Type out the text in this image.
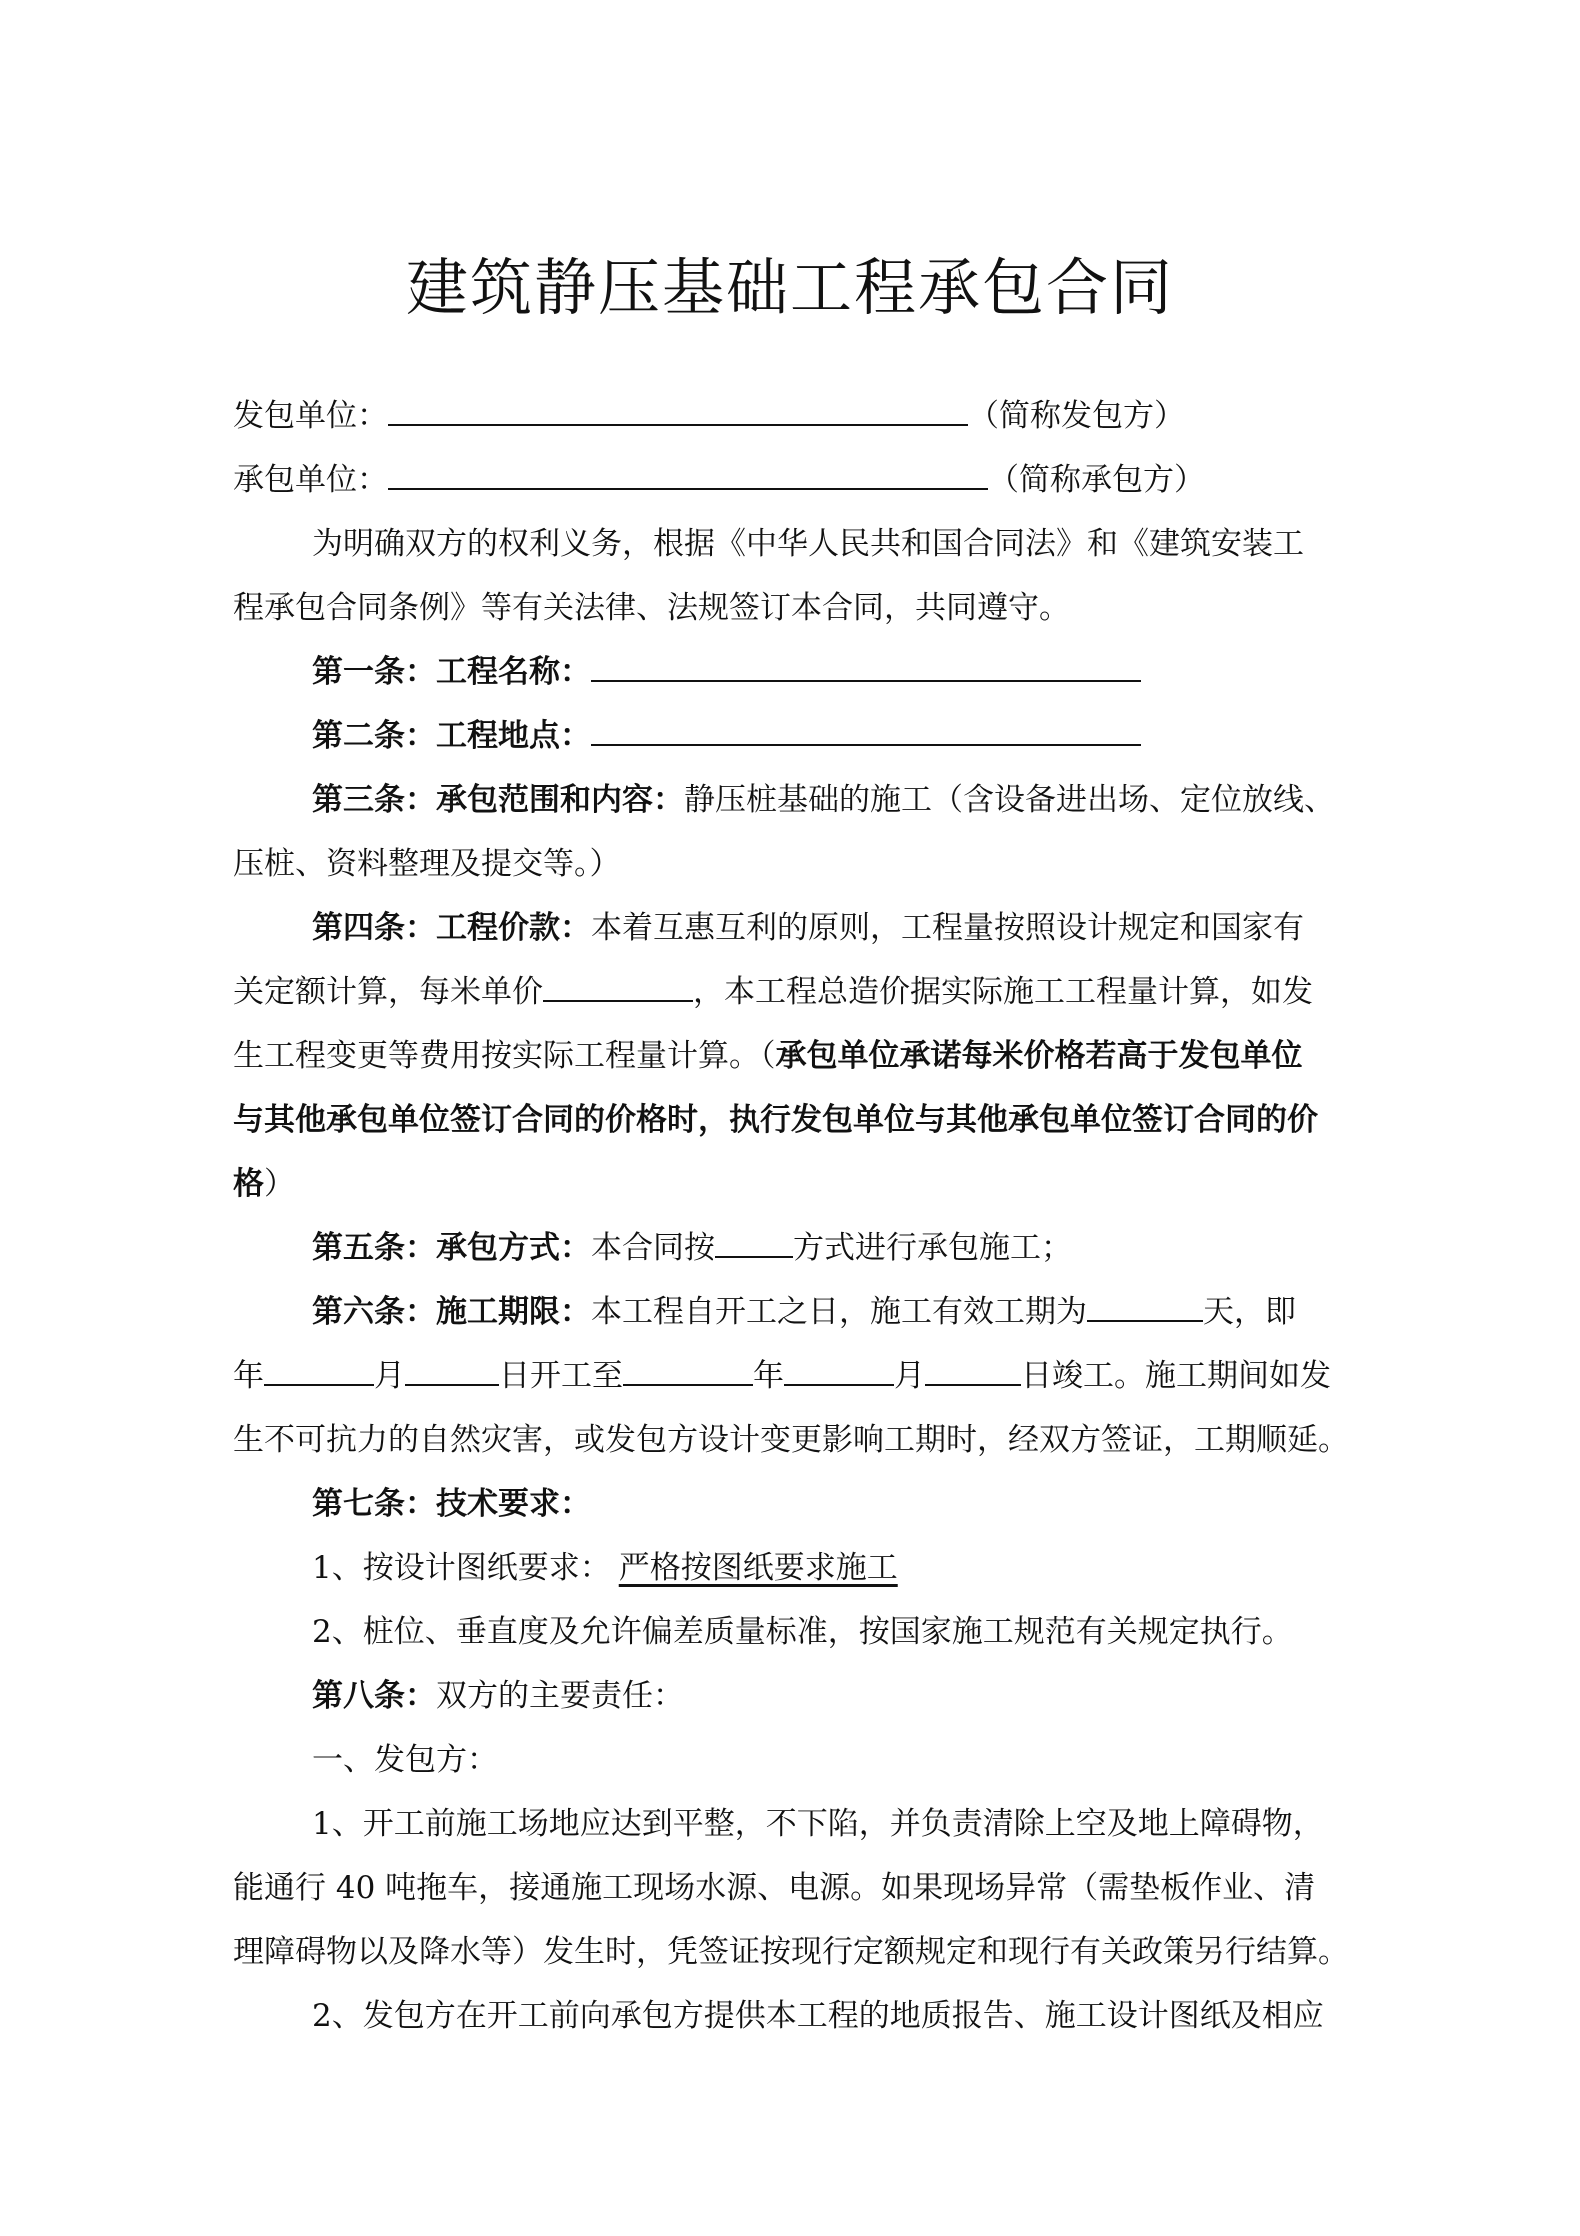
建筑静压基础工程承包合同
发包单位：	（简称发包方）
承包单位：	（简称承包方）
为明确双方的权利义务，根据《中华人民共和国合同法》和《建筑安装工
程承包合同条例》等有关法律、法规签订本合同，共同遵守。
第一条：工程名称：
第二条：工程地点：
第三条：承包范围和内容：静压桩基础的施工（含设备进出场、定位放线、
压桩、资料整理及提交等。）
第四条：工程价款：本着互惠互利的原则，工程量按照设计规定和国家有
关定额计算，每米单价	，本工程总造价据实际施工工程量计算，如发
生工程变更等费用按实际工程量计算。（承包单位承诺每米价格若高于发包单位
与其他承包单位签订合同的价格时，执行发包单位与其他承包单位签订合同的价
格）
第五条：承包方式：本合同按	方式进行承包施工；
第六条：施工期限：本工程自开工之日，施工有效工期为	天，即
年	月	日开工至	年	月	日竣工。施工期间如发
生不可抗力的自然灾害，或发包方设计变更影响工期时，经双方签证，工期顺延。
第七条：技术要求：
1、按设计图纸要求： 严格按图纸要求施工
2、桩位、垂直度及允许偏差质量标准，按国家施工规范有关规定执行。
第八条：双方的主要责任：
一、发包方：
1、开工前施工场地应达到平整，不下陷，并负责清除上空及地上障碍物，
能通行 40 吨拖车，接通施工现场水源、电源。如果现场异常（需垫板作业、清
理障碍物以及降水等）发生时，凭签证按现行定额规定和现行有关政策另行结算。
2、发包方在开工前向承包方提供本工程的地质报告、施工设计图纸及相应
